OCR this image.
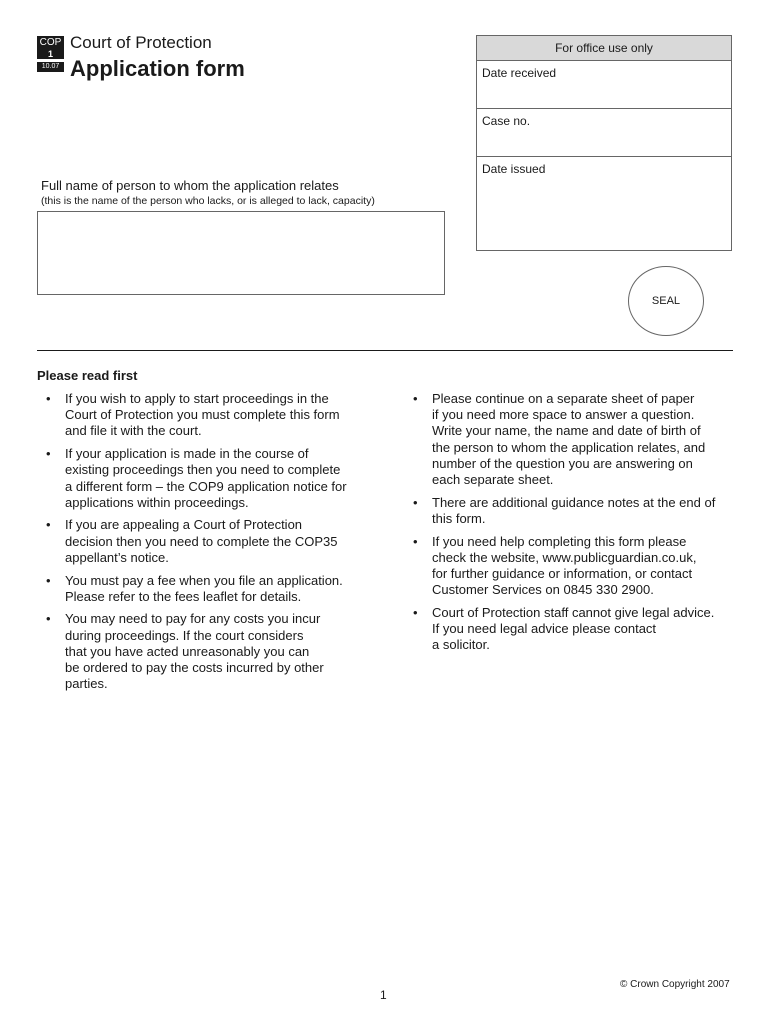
COP
1
10.07
Court of Protection
Application form
For office use only
Date received
Case no.
Date issued
SEAL
Full name of person to whom the application relates
(this is the name of the person who lacks, or is alleged to lack, capacity)
Please read first
• If you wish to apply to start proceedings in the
Court of Protection you must complete this form
and file it with the court.
• If your application is made in the course of
existing proceedings then you need to complete
a different form – the COP9 application notice for
applications within proceedings.
• If you are appealing a Court of Protection
decision then you need to complete the COP35
appellant’s notice.
• You must pay a fee when you file an application.
Please refer to the fees leaflet for details.
• You may need to pay for any costs you incur
during proceedings. If the court considers
that you have acted unreasonably you can
be ordered to pay the costs incurred by other
parties.
• Please continue on a separate sheet of paper
if you need more space to answer a question.
Write your name, the name and date of birth of
the person to whom the application relates, and
number of the question you are answering on
each separate sheet.
• There are additional guidance notes at the end of
this form.
• If you need help completing this form please
check the website, www.publicguardian.co.uk,
for further guidance or information, or contact
Customer Services on 0845 330 2900.
• Court of Protection staff cannot give legal advice.
If you need legal advice please contact
a solicitor.
© Crown Copyright 2007
1
